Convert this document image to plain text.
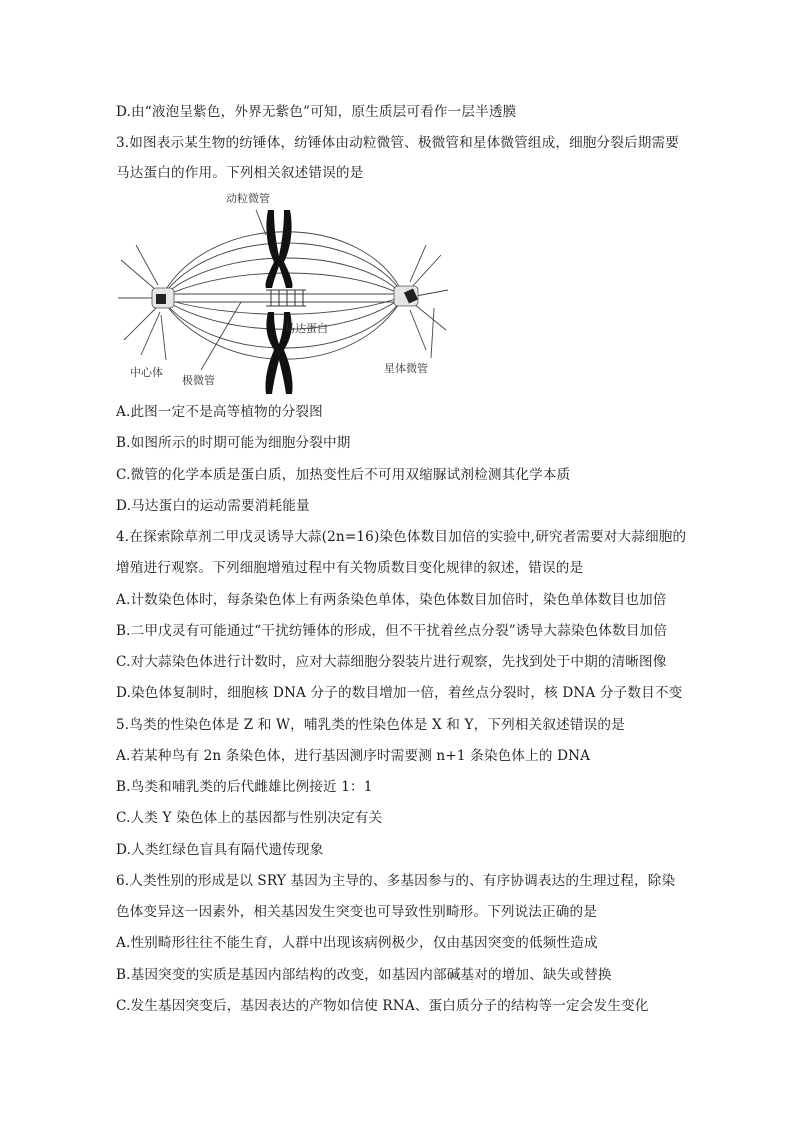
D.由“液泡呈紫色，外界无紫色”可知，原生质层可看作一层半透膜
3.如图表示某生物的纺锤体，纺锤体由动粒微管、极微管和星体微管组成，细胞分裂后期需要
马达蛋白的作用。下列相关叙述错误的是
动粒微管
马达蛋白
中心体
极微管
星体微管
A.此图一定不是高等植物的分裂图
B.如图所示的时期可能为细胞分裂中期
C.微管的化学本质是蛋白质，加热变性后不可用双缩脲试剂检测其化学本质
D.马达蛋白的运动需要消耗能量
4.在探索除草剂二甲戊灵诱导大蒜(2n=16)染色体数目加倍的实验中,研究者需要对大蒜细胞的
增殖进行观察。下列细胞增殖过程中有关物质数目变化规律的叙述，错误的是
A.计数染色体时，每条染色体上有两条染色单体，染色体数目加倍时，染色单体数目也加倍
B.二甲戊灵有可能通过“干扰纺锤体的形成，但不干扰着丝点分裂”诱导大蒜染色体数目加倍
C.对大蒜染色体进行计数时，应对大蒜细胞分裂装片进行观察，先找到处于中期的清晰图像
D.染色体复制时，细胞核 DNA 分子的数目增加一倍，着丝点分裂时，核 DNA 分子数目不变
5.鸟类的性染色体是 Z 和 W，哺乳类的性染色体是 X 和 Y，下列相关叙述错误的是
A.若某种鸟有 2n 条染色体，进行基因测序时需要测 n+1 条染色体上的 DNA
B.鸟类和哺乳类的后代雌雄比例接近 1：1
C.人类 Y 染色体上的基因都与性别决定有关
D.人类红绿色盲具有隔代遗传现象
6.人类性别的形成是以 SRY 基因为主导的、多基因参与的、有序协调表达的生理过程，除染
色体变异这一因素外，相关基因发生突变也可导致性别畸形。下列说法正确的是
A.性别畸形往往不能生育，人群中出现该病例极少，仅由基因突变的低频性造成
B.基因突变的实质是基因内部结构的改变，如基因内部碱基对的增加、缺失或替换
C.发生基因突变后，基因表达的产物如信使 RNA、蛋白质分子的结构等一定会发生变化
